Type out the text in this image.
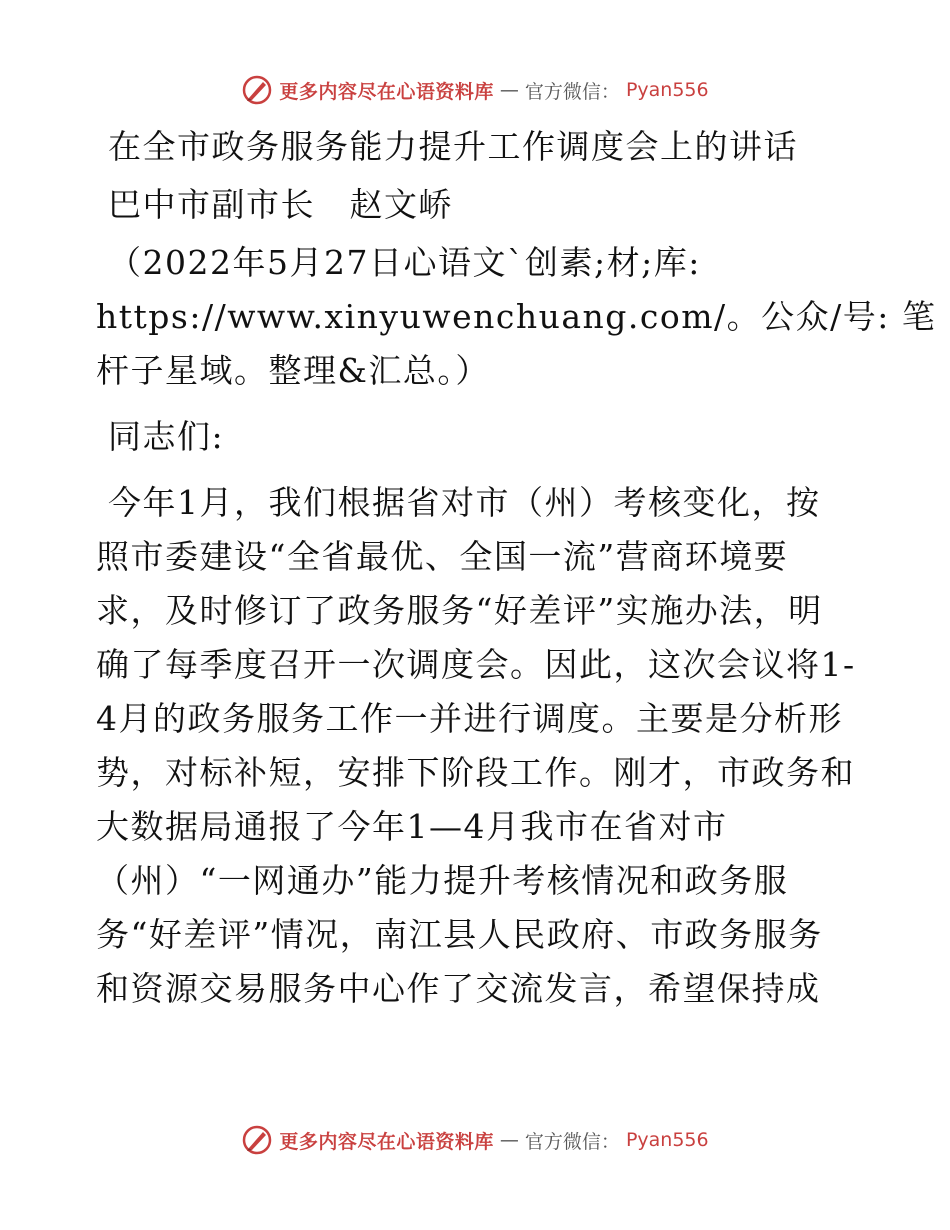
更多内容尽在心语资料库 — 官方微信： Pyan556
在全市政务服务能力提升工作调度会上的讲话
巴中市副市长　赵文峤
（2022年5月27日心语文`创素;材;库:
https://www.xinyuwenchuang.com/。公众/号: 笔
杆子星域。整理&汇总。）
同志们:
今年1月，我们根据省对市（州）考核变化，按
照市委建设“全省最优、全国一流”营商环境要
求，及时修订了政务服务“好差评”实施办法，明
确了每季度召开一次调度会。因此，这次会议将1-
4月的政务服务工作一并进行调度。主要是分析形
势，对标补短，安排下阶段工作。刚才，市政务和
大数据局通报了今年1—4月我市在省对市
（州）“一网通办”能力提升考核情况和政务服
务“好差评”情况，南江县人民政府、市政务服务
和资源交易服务中心作了交流发言，希望保持成
更多内容尽在心语资料库 — 官方微信： Pyan556
